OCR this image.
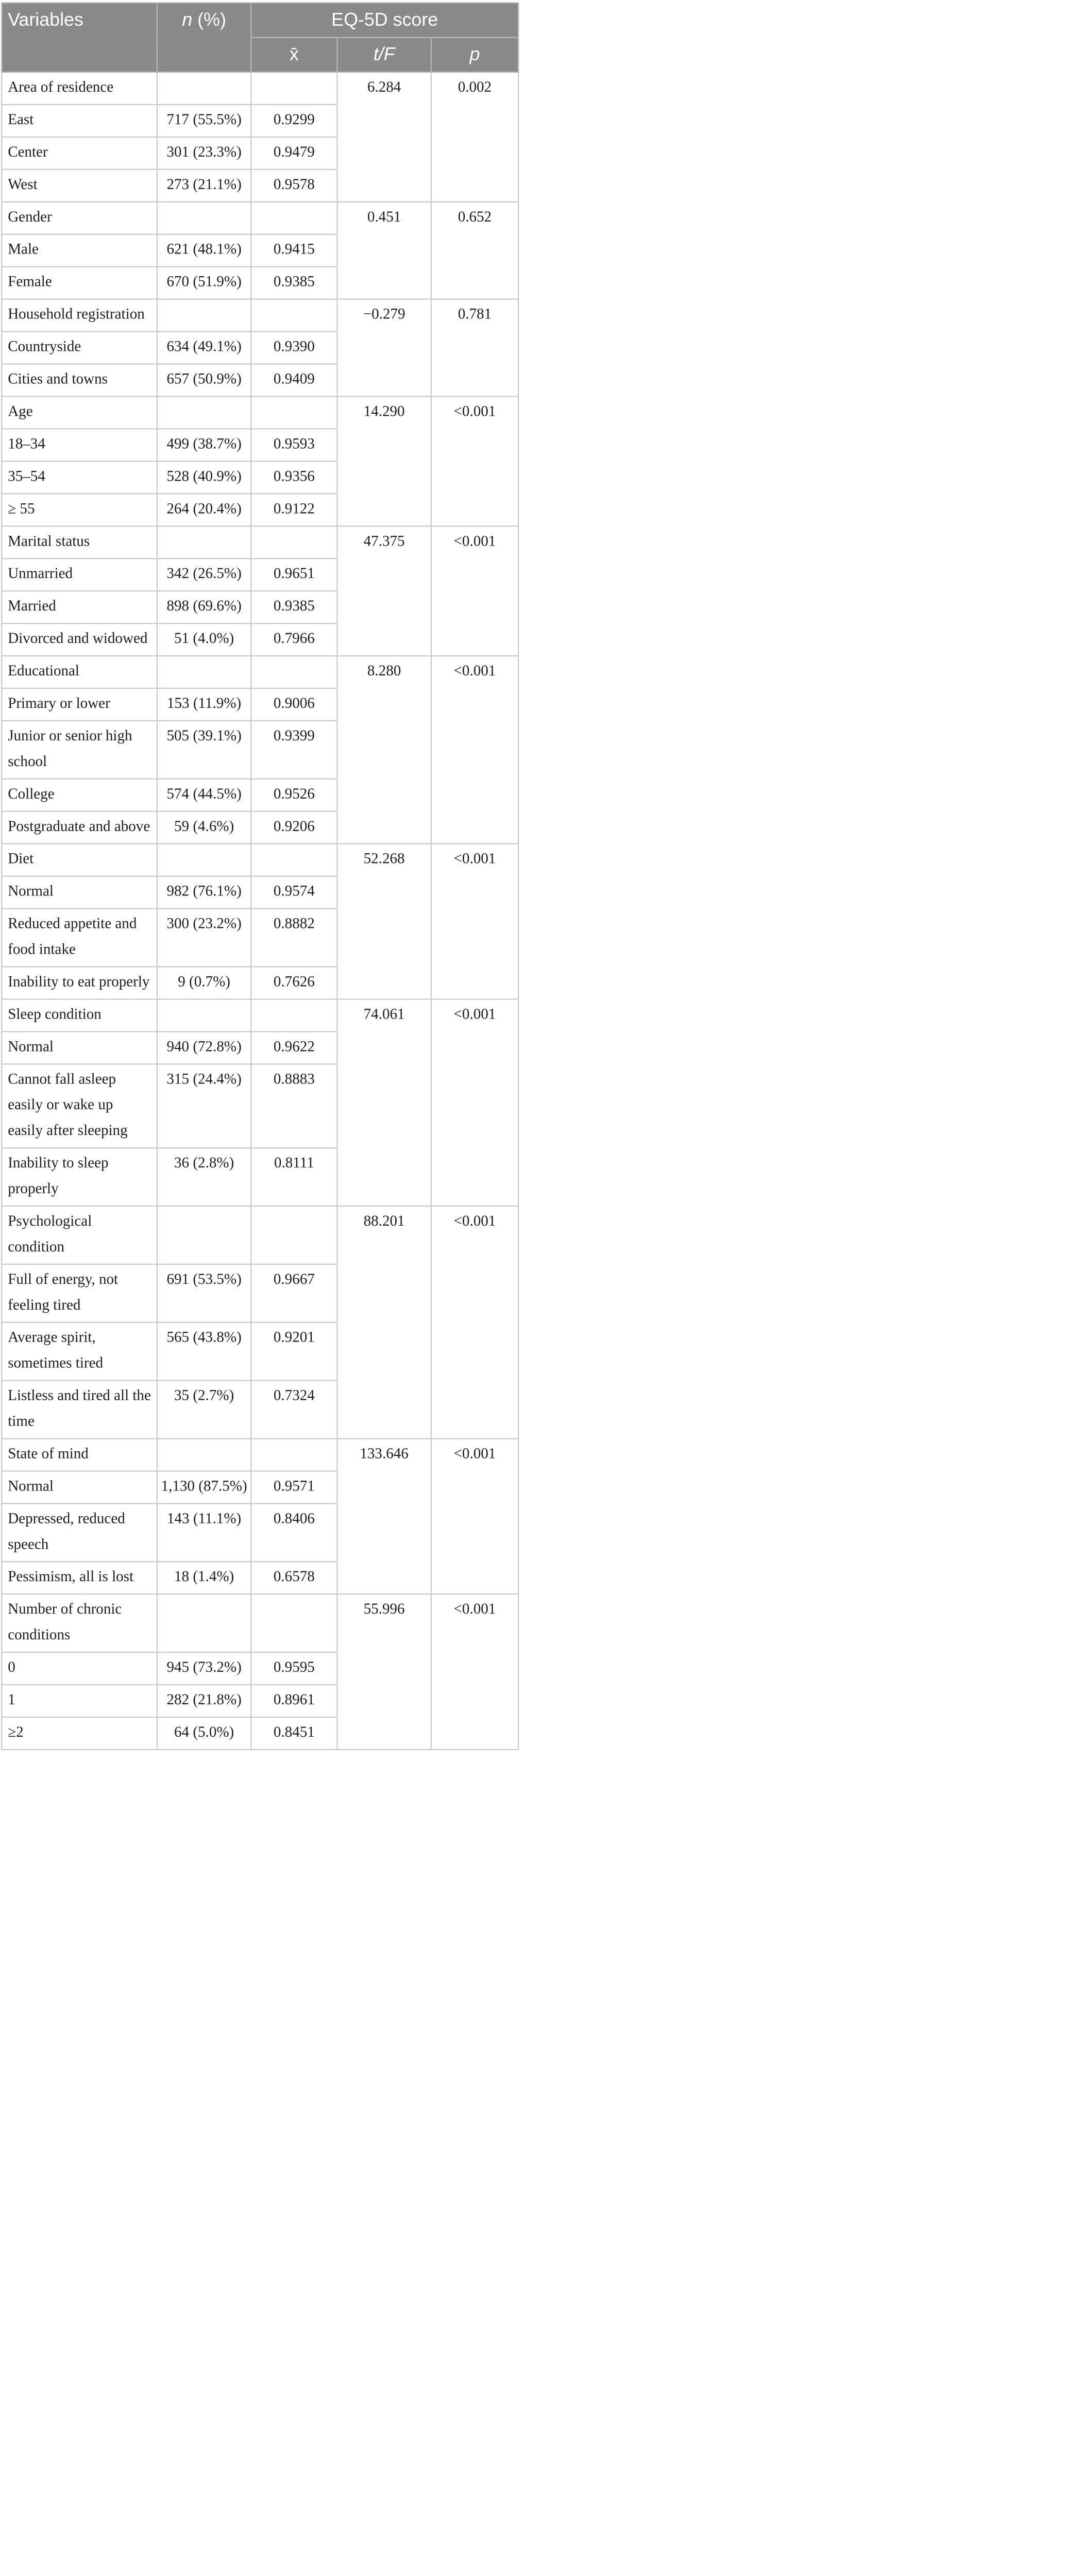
Variables	n (%)	EQ-5D score		
		x̄	t/F	p
Area of residence			6.284	0.002
East	717 (55.5%)	0.9299		
Center	301 (23.3%)	0.9479		
West	273 (21.1%)	0.9578		
Gender			0.451	0.652
Male	621 (48.1%)	0.9415		
Female	670 (51.9%)	0.9385		
Household registration			−0.279	0.781
Countryside	634 (49.1%)	0.9390		
Cities and towns	657 (50.9%)	0.9409		
Age			14.290	<0.001
18–34	499 (38.7%)	0.9593		
35–54	528 (40.9%)	0.9356		
≥ 55	264 (20.4%)	0.9122		
Marital status			47.375	<0.001
Unmarried	342 (26.5%)	0.9651		
Married	898 (69.6%)	0.9385		
Divorced and widowed	51 (4.0%)	0.7966		
Educational			8.280	<0.001
Primary or lower	153 (11.9%)	0.9006		
Junior or senior high school	505 (39.1%)	0.9399		
College	574 (44.5%)	0.9526		
Postgraduate and above	59 (4.6%)	0.9206		
Diet			52.268	<0.001
Normal	982 (76.1%)	0.9574		
Reduced appetite and food intake	300 (23.2%)	0.8882		
Inability to eat properly	9 (0.7%)	0.7626		
Sleep condition			74.061	<0.001
Normal	940 (72.8%)	0.9622		
Cannot fall asleep easily or wake up easily after sleeping	315 (24.4%)	0.8883		
Inability to sleep properly	36 (2.8%)	0.8111		
Psychological condition			88.201	<0.001
Full of energy, not feeling tired	691 (53.5%)	0.9667		
Average spirit, sometimes tired	565 (43.8%)	0.9201		
Listless and tired all the time	35 (2.7%)	0.7324		
State of mind			133.646	<0.001
Normal	1,130 (87.5%)	0.9571		
Depressed, reduced speech	143 (11.1%)	0.8406		
Pessimism, all is lost	18 (1.4%)	0.6578		
Number of chronic conditions			55.996	<0.001
0	945 (73.2%)	0.9595		
1	282 (21.8%)	0.8961		
≥2	64 (5.0%)	0.8451		
